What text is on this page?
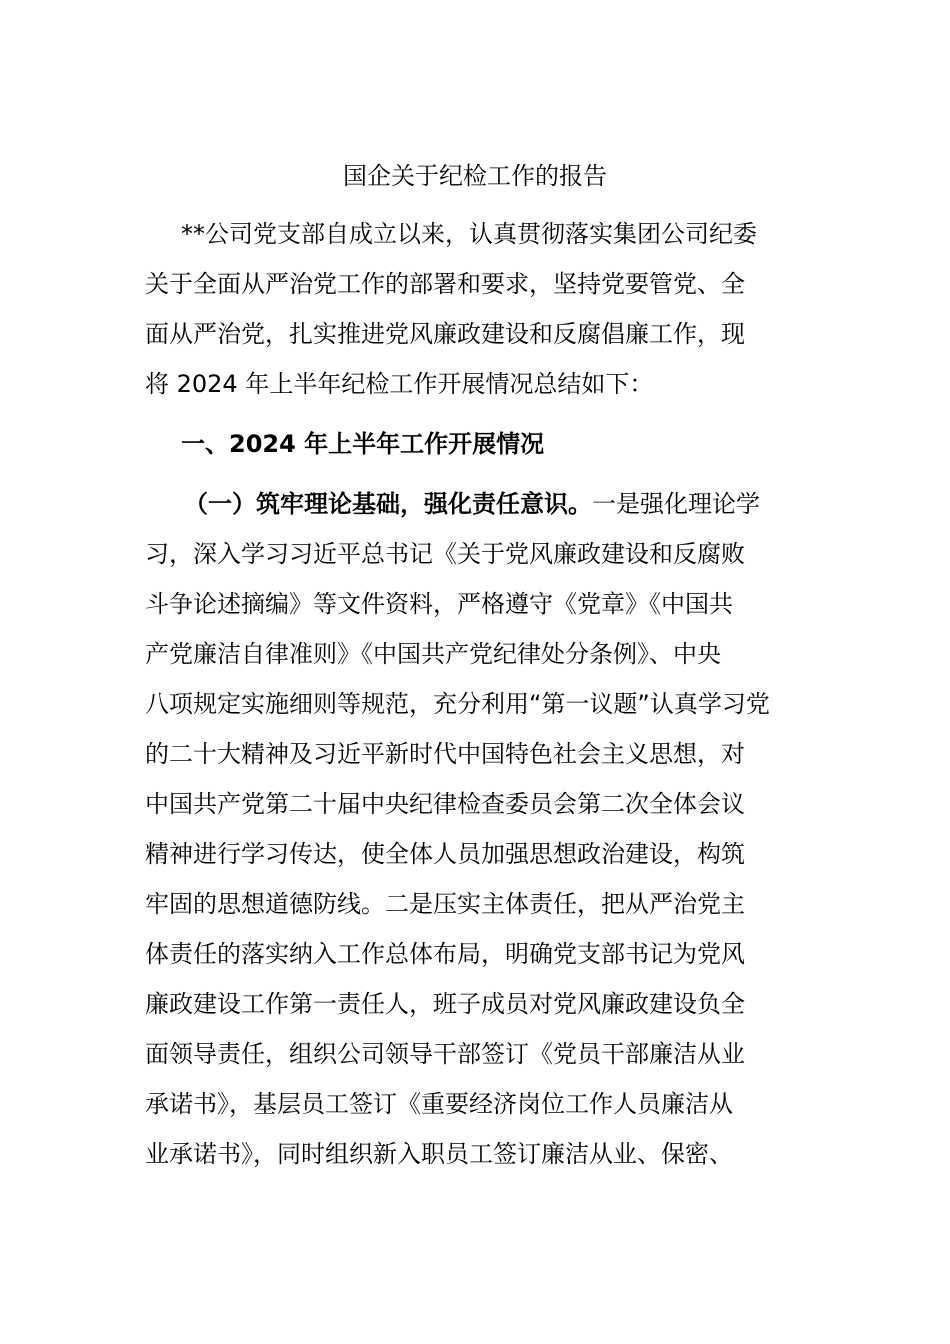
国企关于纪检工作的报告
**公司党支部自成立以来，认真贯彻落实集团公司纪委
关于全面从严治党工作的部署和要求，坚持党要管党、全
面从严治党，扎实推进党风廉政建设和反腐倡廉工作，现
将 2024 年上半年纪检工作开展情况总结如下：
一、2024 年上半年工作开展情况
（一）筑牢理论基础，强化责任意识。一是强化理论学
习，深入学习习近平总书记《关于党风廉政建设和反腐败
斗争论述摘编》等文件资料，严格遵守《党章》《中国共
产党廉洁自律准则》《中国共产党纪律处分条例》、中央
八项规定实施细则等规范，充分利用“第一议题”认真学习党
的二十大精神及习近平新时代中国特色社会主义思想，对
中国共产党第二十届中央纪律检查委员会第二次全体会议
精神进行学习传达，使全体人员加强思想政治建设，构筑
牢固的思想道德防线。二是压实主体责任，把从严治党主
体责任的落实纳入工作总体布局，明确党支部书记为党风
廉政建设工作第一责任人，班子成员对党风廉政建设负全
面领导责任，组织公司领导干部签订《党员干部廉洁从业
承诺书》，基层员工签订《重要经济岗位工作人员廉洁从
业承诺书》，同时组织新入职员工签订廉洁从业、保密、
